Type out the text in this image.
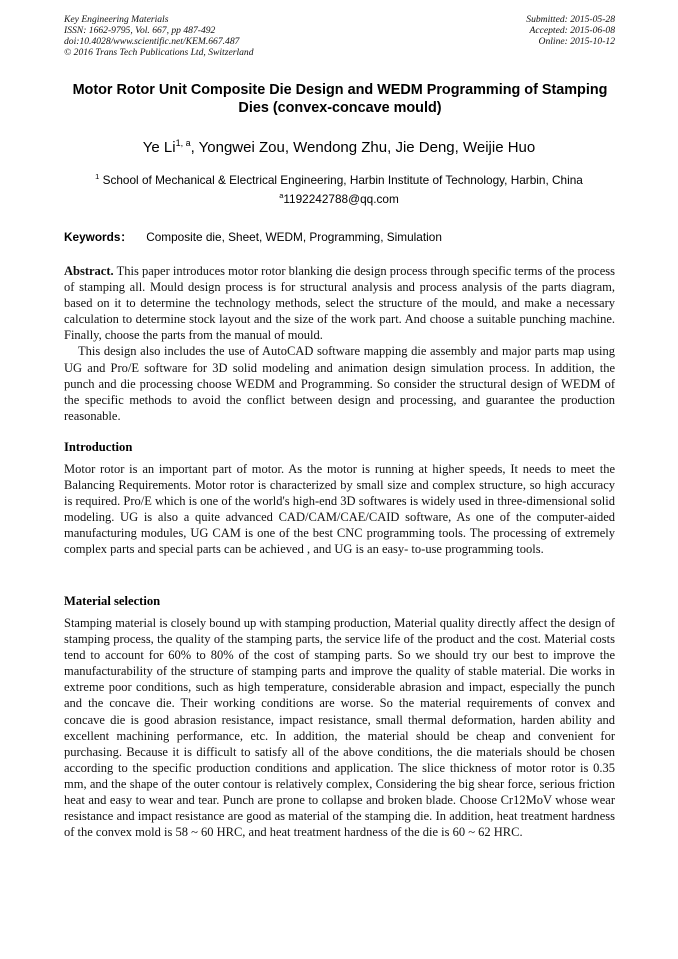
Key Engineering Materials
ISSN: 1662-9795, Vol. 667, pp 487-492
doi:10.4028/www.scientific.net/KEM.667.487
© 2016 Trans Tech Publications Ltd, Switzerland
Submitted: 2015-05-28
Accepted: 2015-06-08
Online: 2015-10-12
Motor Rotor Unit Composite Die Design and WEDM Programming of Stamping Dies (convex-concave mould)
Ye Li$^{1, a}$, Yongwei Zou, Wendong Zhu, Jie Deng, Weijie Huo
$^1$ School of Mechanical & Electrical Engineering, Harbin Institute of Technology, Harbin, China
$^a$1192242788@qq.com
Keywords： Composite die, Sheet, WEDM, Programming, Simulation

Abstract. This paper introduces motor rotor blanking die design process through specific terms of the process of stamping all. Mould design process is for structural analysis and process analysis of the parts diagram, based on it to determine the technology methods, select the structure of the mould, and make a necessary calculation to determine stock layout and the size of the work part. And choose a suitable punching machine. Finally, choose the parts from the manual of mould.

This design also includes the use of AutoCAD software mapping die assembly and major parts map using UG and Pro/E software for 3D solid modeling and animation design simulation process. In addition, the punch and die processing choose WEDM and Programming. So consider the structural design of WEDM of the specific methods to avoid the conflict between design and processing, and guarantee the production reasonable.

Introduction

Motor rotor is an important part of motor. As the motor is running at higher speeds, It needs to meet the Balancing Requirements. Motor rotor is characterized by small size and complex structure, so high accuracy is required. Pro/E which is one of the world's high-end 3D softwares is widely used in three-dimensional solid modeling. UG is also a quite advanced CAD/CAM/CAE/CAID software, As one of the computer-aided manufacturing modules, UG CAM is one of the best CNC programming tools. The processing of extremely complex parts and special parts can be achieved , and UG is an easy- to-use programming tools.

Material selection

Stamping material is closely bound up with stamping production, Material quality directly affect the design of stamping process, the quality of the stamping parts, the service life of the product and the cost. Material costs tend to account for 60% to 80% of the cost of stamping parts. So we should try our best to improve the manufacturability of the structure of stamping parts and improve the quality of stable material. Die works in extreme poor conditions, such as high temperature, considerable abrasion and impact, especially the punch and the concave die. Their working conditions are worse. So the material requirements of convex and concave die is good abrasion resistance, impact resistance, small thermal deformation, harden ability and excellent machining performance, etc. In addition, the material should be cheap and convenient for purchasing. Because it is difficult to satisfy all of the above conditions, the die materials should be chosen according to the specific production conditions and application. The slice thickness of motor rotor is 0.35 mm, and the shape of the outer contour is relatively complex, Considering the big shear force, serious friction heat and easy to wear and tear. Punch are prone to collapse and broken blade. Choose Cr12MoV whose wear resistance and impact resistance are good as material of the stamping die. In addition, heat treatment hardness of the convex mold is 58 ~ 60 HRC, and heat treatment hardness of the die is 60 ~ 62 HRC.
